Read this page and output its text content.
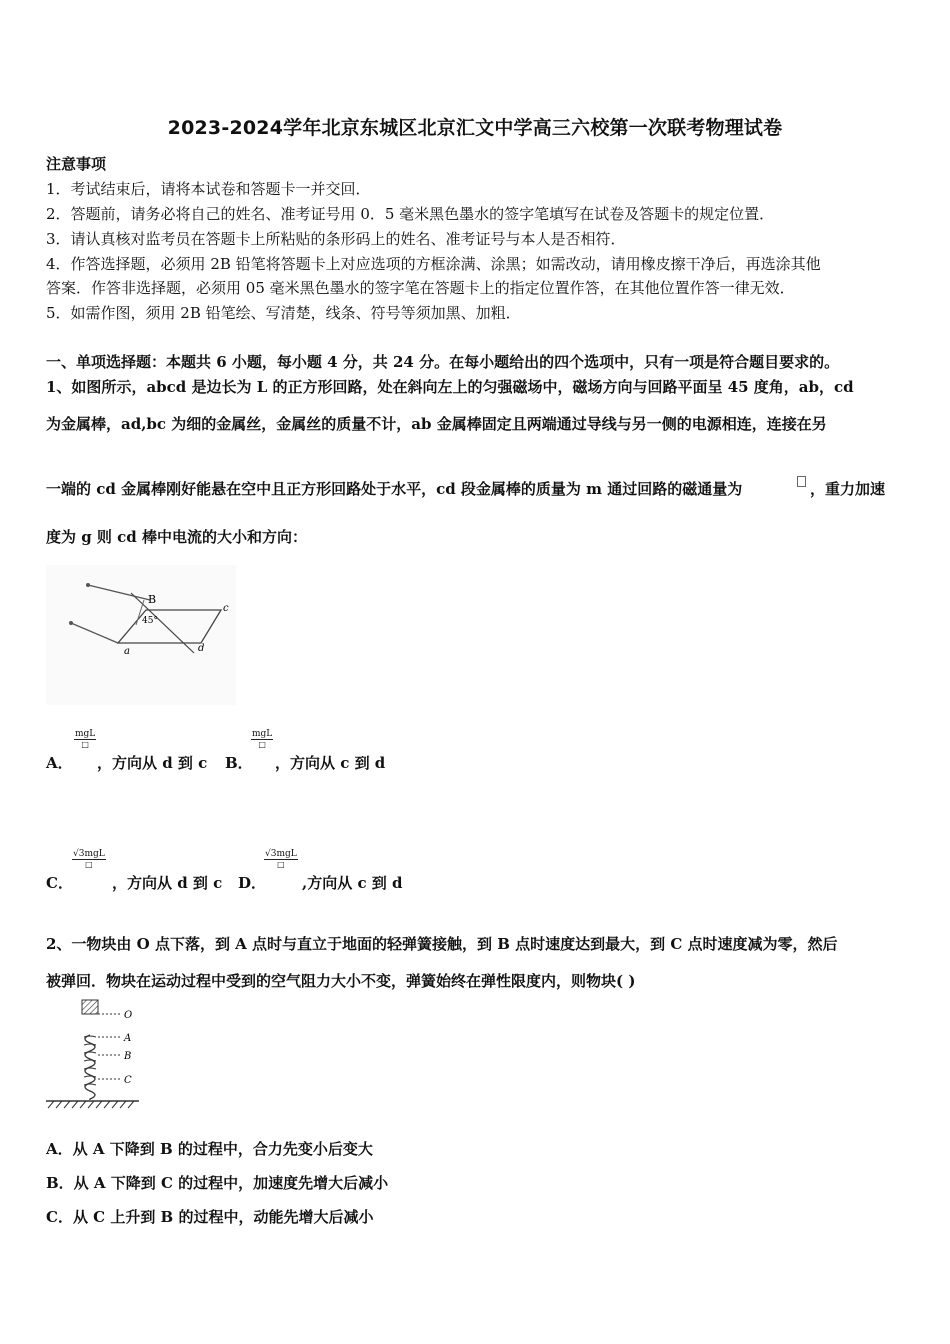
2023-2024学年北京东城区北京汇文中学高三六校第一次联考物理试卷
注意事项
1．考试结束后，请将本试卷和答题卡一并交回．
2．答题前，请务必将自己的姓名、准考证号用 0．5 毫米黑色墨水的签字笔填写在试卷及答题卡的规定位置．
3．请认真核对监考员在答题卡上所粘贴的条形码上的姓名、准考证号与本人是否相符．
4．作答选择题，必须用 2B 铅笔将答题卡上对应选项的方框涂满、涂黑；如需改动，请用橡皮擦干净后，再选涂其他
答案．作答非选择题，必须用 05 毫米黑色墨水的签字笔在答题卡上的指定位置作答，在其他位置作答一律无效．
5．如需作图，须用 2B 铅笔绘、写清楚，线条、符号等须加黑、加粗．
一、单项选择题：本题共 6 小题，每小题 4 分，共 24 分。在每小题给出的四个选项中，只有一项是符合题目要求的。
1、如图所示，abcd 是边长为 L 的正方形回路，处在斜向左上的匀强磁场中，磁场方向与回路平面呈 45 度角，ab，cd
为金属棒，ad,bc 为细的金属丝，金属丝的质量不计，ab 金属棒固定且两端通过导线与另一侧的电源相连，连接在另
一端的 cd 金属棒刚好能悬在空中且正方形回路处于水平，cd 段金属棒的质量为 m 通过回路的磁通量为	，重力加速
度为 g 则 cd 棒中电流的大小和方向：
B
45°
a
c
d
A．
mgL
□
，方向从 d 到 c B．
mgL
□
，方向从 c 到 d
C．
√3mgL
□
，方向从 d 到 c D．
√3mgL
□
,方向从 c 到 d
2、一物块由 O 点下落，到 A 点时与直立于地面的轻弹簧接触，到 B 点时速度达到最大，到 C 点时速度减为零，然后
被弹回．物块在运动过程中受到的空气阻力大小不变，弹簧始终在弹性限度内，则物块( )
O
A
B
C
A．从 A 下降到 B 的过程中，合力先变小后变大
B．从 A 下降到 C 的过程中，加速度先增大后减小
C．从 C 上升到 B 的过程中，动能先增大后减小
